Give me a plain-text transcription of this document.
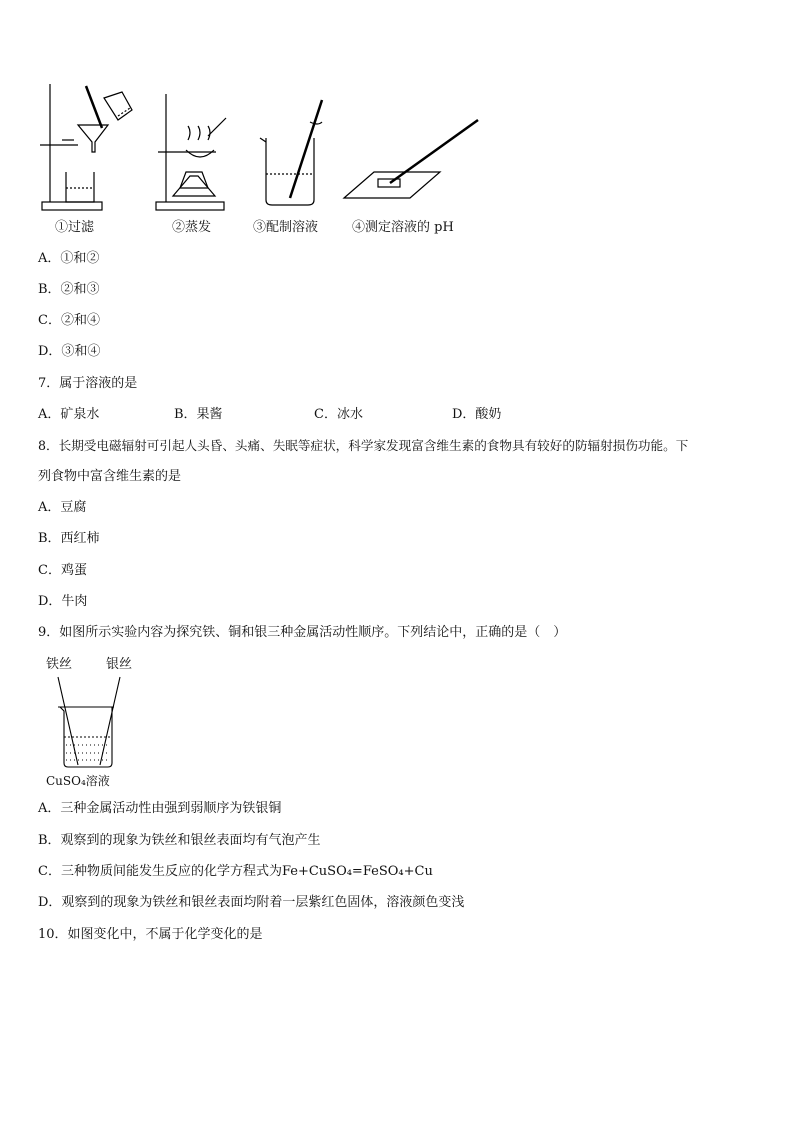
①过滤	②蒸发	③配制溶液	④测定溶液的 pH
A．①和②
B．②和③
C．②和④
D．③和④
7．属于溶液的是
A．矿泉水	B．果酱	C．冰水	D．酸奶
8．长期受电磁辐射可引起人头昏、头痛、失眠等症状，科学家发现富含维生素的食物具有较好的防辐射损伤功能。下
列食物中富含维生素的是
A．豆腐
B．西红柿
C．鸡蛋
D．牛肉
9．如图所示实验内容为探究铁、铜和银三种金属活动性顺序。下列结论中，正确的是（　）
铁丝	银丝
CuSO₄溶液
A．三种金属活动性由强到弱顺序为铁银铜
B．观察到的现象为铁丝和银丝表面均有气泡产生
C．三种物质间能发生反应的化学方程式为Fe+CuSO₄=FeSO₄+Cu
D．观察到的现象为铁丝和银丝表面均附着一层紫红色固体，溶液颜色变浅
10．如图变化中，不属于化学变化的是
